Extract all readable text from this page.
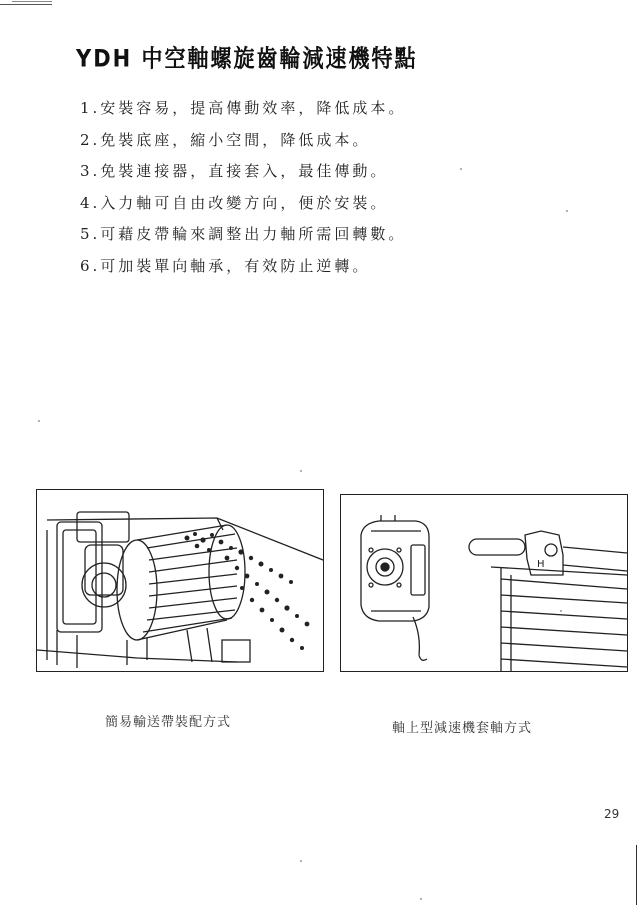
YDH 中空軸螺旋齒輪減速機特點
1.安裝容易，提高傳動效率，降低成本。
2.免裝底座，縮小空間，降低成本。
3.免裝連接器，直接套入，最佳傳動。
4.入力軸可自由改變方向，便於安裝。
5.可藉皮帶輪來調整出力軸所需回轉數。
6.可加裝單向軸承，有效防止逆轉。
H
簡易輸送帶裝配方式	軸上型減速機套軸方式
29
